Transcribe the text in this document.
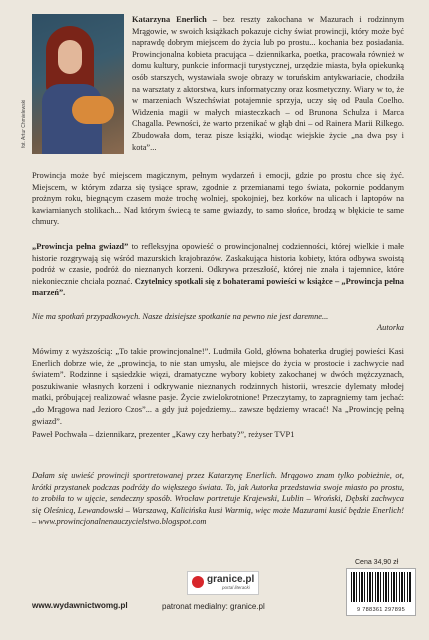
fot. Artur Chmielewski

Katarzyna Enerlich – bez reszty zakochana w Mazurach i rodzinnym Mrągowie, w swoich książkach pokazuje cichy świat prowincji, który może być naprawdę dobrym miejscem do życia lub po prostu... kochania bez posiadania. Prowincjonalna kobieta pracująca – dziennikarka, poetka, pracowała również w domu kultury, punkcie informacji turystycznej, urzędzie miasta, była opiekunką osób starszych, wystawiała swoje obrazy w toruńskim antykwariacie, chodziła na warsztaty z aktorstwa, kurs informatyczny oraz kosmetyczny. Wiary w to, że w marzeniach Wszechświat potajemnie sprzyja, uczy się od Paula Coelho. Widzenia magii w małych miasteczkach – od Brunona Schulza i Marca Chagalla. Pewności, że warto przenikać w głąb dni – od Rainera Marii Rilkego. Zbudowała dom, teraz pisze książki, wiodąc wiejskie życie „na dwa psy i kota”...

Prowincja może być miejscem magicznym, pełnym wydarzeń i emocji, gdzie po prostu chce się żyć. Miejscem, w którym zdarza się tysiące spraw, zgodnie z przemianami tego świata, pokornie poddanym prożnym roku, biegnącym czasem może trochę wolniej, spokojniej, bez korków na ulicach i laptopów na kawiarnianych stolikach... Nad którym świecą te same gwiazdy, to samo słońce, brodzą w błękicie te same chmury.

„Prowincja pełna gwiazd” to refleksyjna opowieść o prowincjonalnej codzienności, której wielkie i małe historie rozgrywają się wśród mazurskich krajobrazów. Zaskakująca historia kobiety, która odbywa swoistą podróż w czasie, podróż do nieznanych korzeni. Odkrywa przeszłość, której nie znała i tajemnice, które niekoniecznie chciała poznać. Czytelnicy spotkali się z bohaterami powieści w książce – „Prowincja pełna marzeń”.

Nie ma spotkań przypadkowych. Nasze dzisiejsze spotkanie na pewno nie jest daremne...

Autorka

Mówimy z wyższością: „To takie prowincjonalne!”. Ludmiła Gold, główna bohaterka drugiej powieści Kasi Enerlich dobrze wie, że „prowincja, to nie stan umysłu, ale miejsce do życia w prostocie i zachwycie nad światem”. Rodzinne i sąsiedzkie więzi, dramatyczne wybory kobiety zakochanej w dwóch mężczyznach, poszukiwanie własnych korzeni i odkrywanie nieznanych rodzinnych historii, wreszcie dylematy młodej matki, próbującej realizować własne pasje. Życie zwielokrotnione! Przeczytamy, to zapragniemy tam jechać: „do Mrągowa nad Jezioro Czos”... a gdy już pojedziemy... zawsze będziemy wracać! Na „Prowincję pełną gwiazd”.

Paweł Pochwała – dziennikarz, prezenter „Kawy czy herbaty?”, reżyser TVP1

Dałam się uwieść prowincji sportretowanej przez Katarzynę Enerlich. Mrągowo znam tylko pobieżnie, ot, krótki przystanek podczas podróży do większego świata. To, jak Autorka przedstawia swoje miasto po prostu, to zrobiła to w ujęcie, sendeczny sposób. Wrocław portretuje Krajewski, Lublin – Wroński, Dębski zachwyca się Oleśnicą, Lewandowski – Warszawą, Kalicińska kusi Warmią, więc może Mazurami kusić będzie Enerlich! – www.prowincjonalnenauczycielstwo.blogspot.com

Cena 34,90 zł
9 788361 297895
granice.pl
portal literacki
www.wydawnictwomg.pl	patronat medialny: granice.pl
